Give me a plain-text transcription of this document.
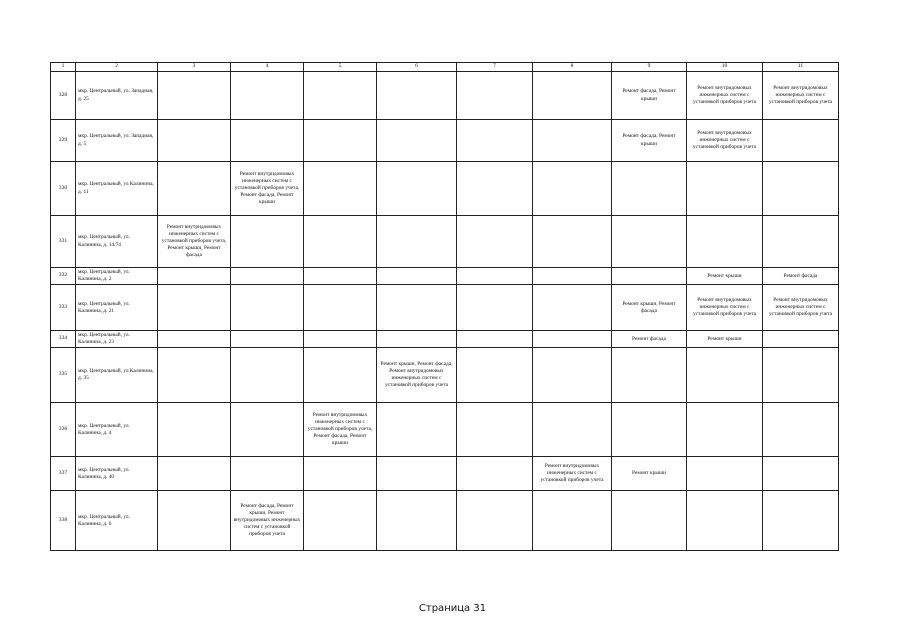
1	2	3	4	5	6	7	8	9	10	11
328	мкр. Центральный, ул. Западная, д. 25							Ремонт фасада, Ремонт крыши	Ремонт внутридомовых инженерных систем с установкой приборов учета	Ремонт внутридомовых инженерных систем с установкой приборов учета
329	мкр. Центральный, ул. Западная, д. 5							Ремонт фасада, Ремонт крыши	Ремонт внутридомовых инженерных систем с установкой приборов учета	
330	мкр. Центральный, ул Калинина, д. 11		Ремонт внутридомовых инженерных систем с установкой приборов учета, Ремонт фасада, Ремонт крыши							
331	мкр. Центральный, ул. Калинина, д. 14/74	Ремонт внутридомовых инженерных систем с установкой приборов учета, Ремонт крыши, Ремонт фасада								
332	мкр. Центральный, ул. Калинина, д. 2								Ремонт крыши	Ремонт фасада
333	мкр. Центральный, ул. Калинина, д. 21							Ремонт крыши, Ремонт фасада	Ремонт внутридомовых инженерных систем с установкой приборов учета	Ремонт внутридомовых инженерных систем с установкой приборов учета
334	мкр. Центральный, ул. Калинина, д. 23							Ремонт фасада	Ремонт крыши	
335	мкр. Центральный, ул Калинина, д. 35				Ремонт крыши, Ремонт фасада, Ремонт внутридомовых инженерных систем с установкой приборов учета					
336	мкр. Центральный, ул. Калинина, д. 4			Ремонт внутридомовых инженерных систем с установкой приборов учета, Ремонт фасада, Ремонт крыши						
337	мкр. Центральный, ул. Калинина, д. 40						Ремонт внутридомовых инженерных систем с установкой приборов учета	Ремонт крыши		
338	мкр. Центральный, ул. Калинина, д. 6		Ремонт фасада, Ремонт крыши, Ремонт внутридомовых инженерных систем с установкой приборов учета							
Страница 31
